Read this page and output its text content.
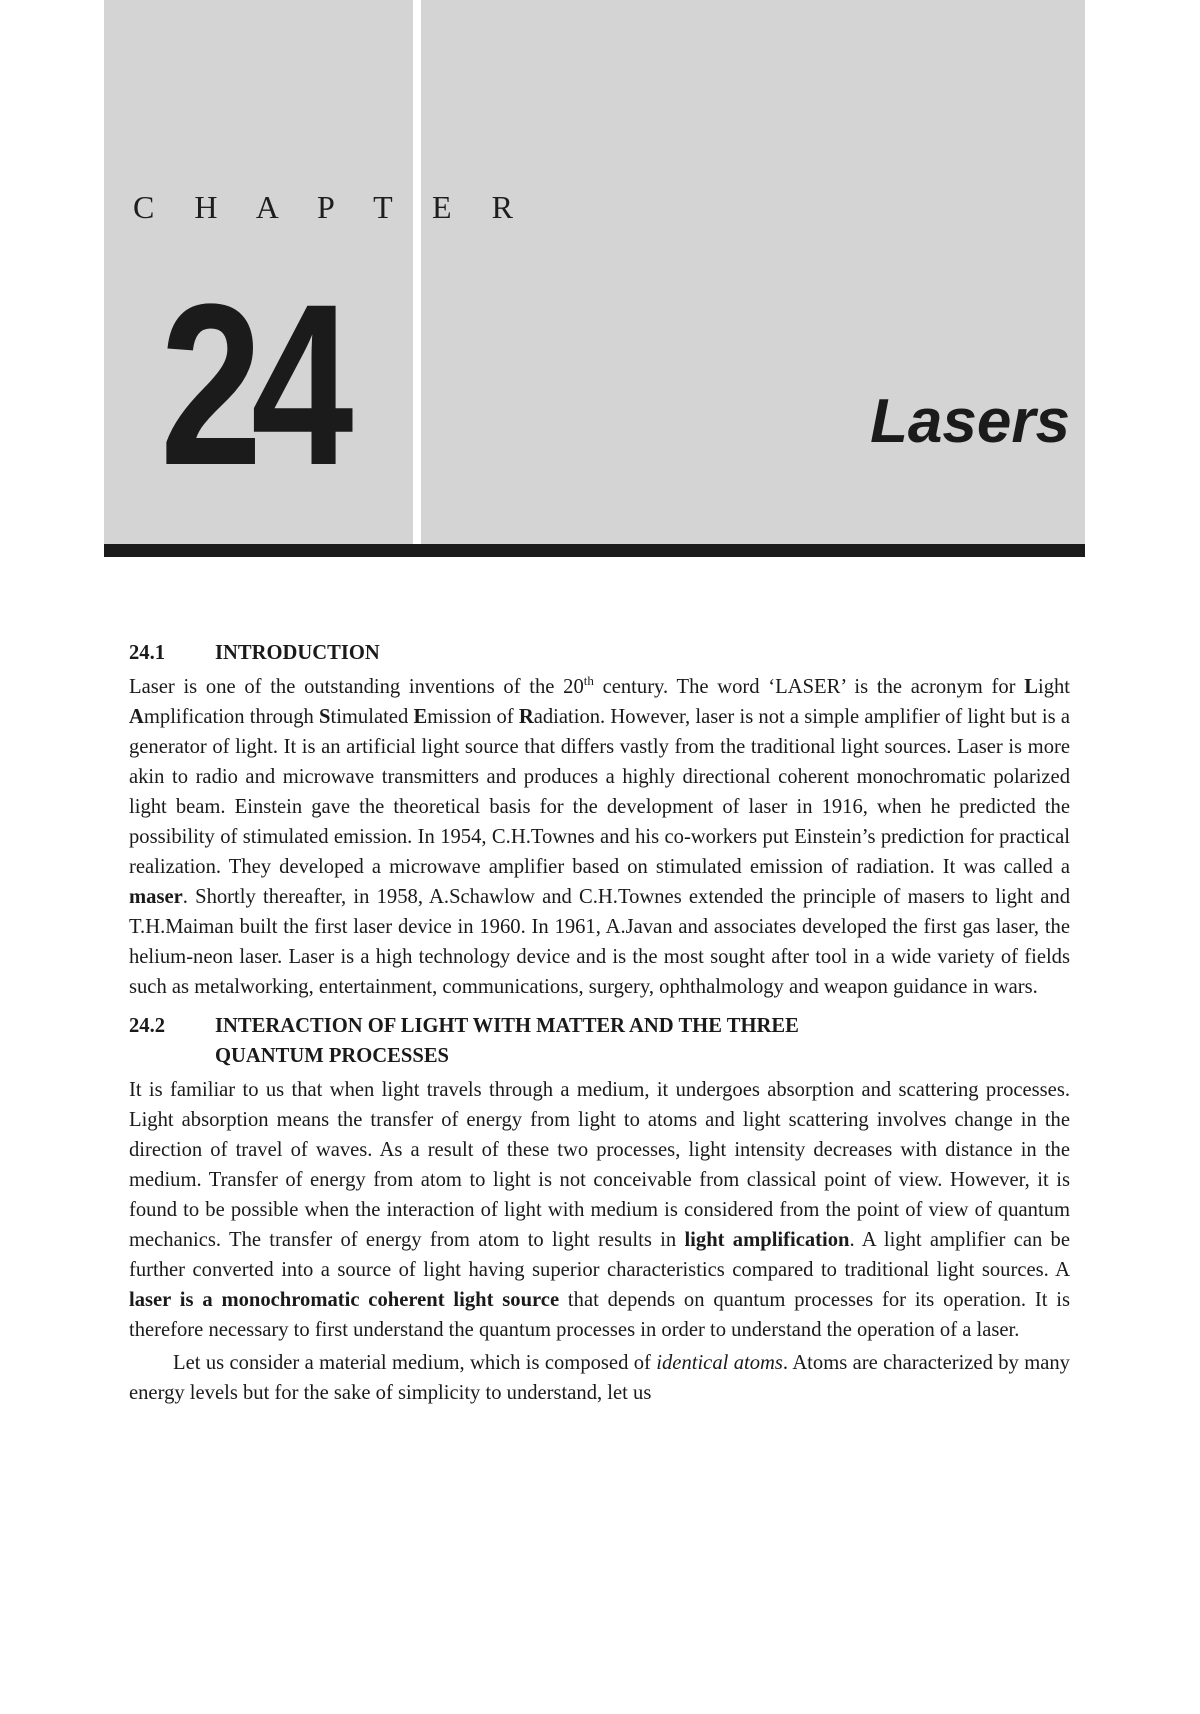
C H A P T E R
24	Lasers
24.1	INTRODUCTION

Laser is one of the outstanding inventions of the 20th century. The word ‘LASER’ is the acronym for Light Amplification through Stimulated Emission of Radiation. However, laser is not a simple amplifier of light but is a generator of light. It is an artificial light source that differs vastly from the traditional light sources. Laser is more akin to radio and microwave transmitters and produces a highly directional coherent monochromatic polarized light beam. Einstein gave the theoretical basis for the development of laser in 1916, when he predicted the possibility of stimulated emission. In 1954, C.H.Townes and his co-workers put Einstein’s prediction for practical realization. They developed a microwave amplifier based on stimulated emission of radiation. It was called a maser. Shortly thereafter, in 1958, A.Schawlow and C.H.Townes extended the principle of masers to light and T.H.Maiman built the first laser device in 1960. In 1961, A.Javan and associates developed the first gas laser, the helium-neon laser. Laser is a high technology device and is the most sought after tool in a wide variety of fields such as metalworking, entertainment, communications, surgery, ophthalmology and weapon guidance in wars.

24.2	INTERACTION OF LIGHT WITH MATTER AND THE THREE
QUANTUM PROCESSES

It is familiar to us that when light travels through a medium, it undergoes absorption and scattering processes. Light absorption means the transfer of energy from light to atoms and light scattering involves change in the direction of travel of waves. As a result of these two processes, light intensity decreases with distance in the medium. Transfer of energy from atom to light is not conceivable from classical point of view. However, it is found to be possible when the interaction of light with medium is considered from the point of view of quantum mechanics. The transfer of energy from atom to light results in light amplification. A light amplifier can be further converted into a source of light having superior characteristics compared to traditional light sources. A laser is a monochromatic coherent light source that depends on quantum processes for its operation. It is therefore necessary to first understand the quantum processes in order to understand the operation of a laser.

Let us consider a material medium, which is composed of identical atoms. Atoms are characterized by many energy levels but for the sake of simplicity to understand, let us
